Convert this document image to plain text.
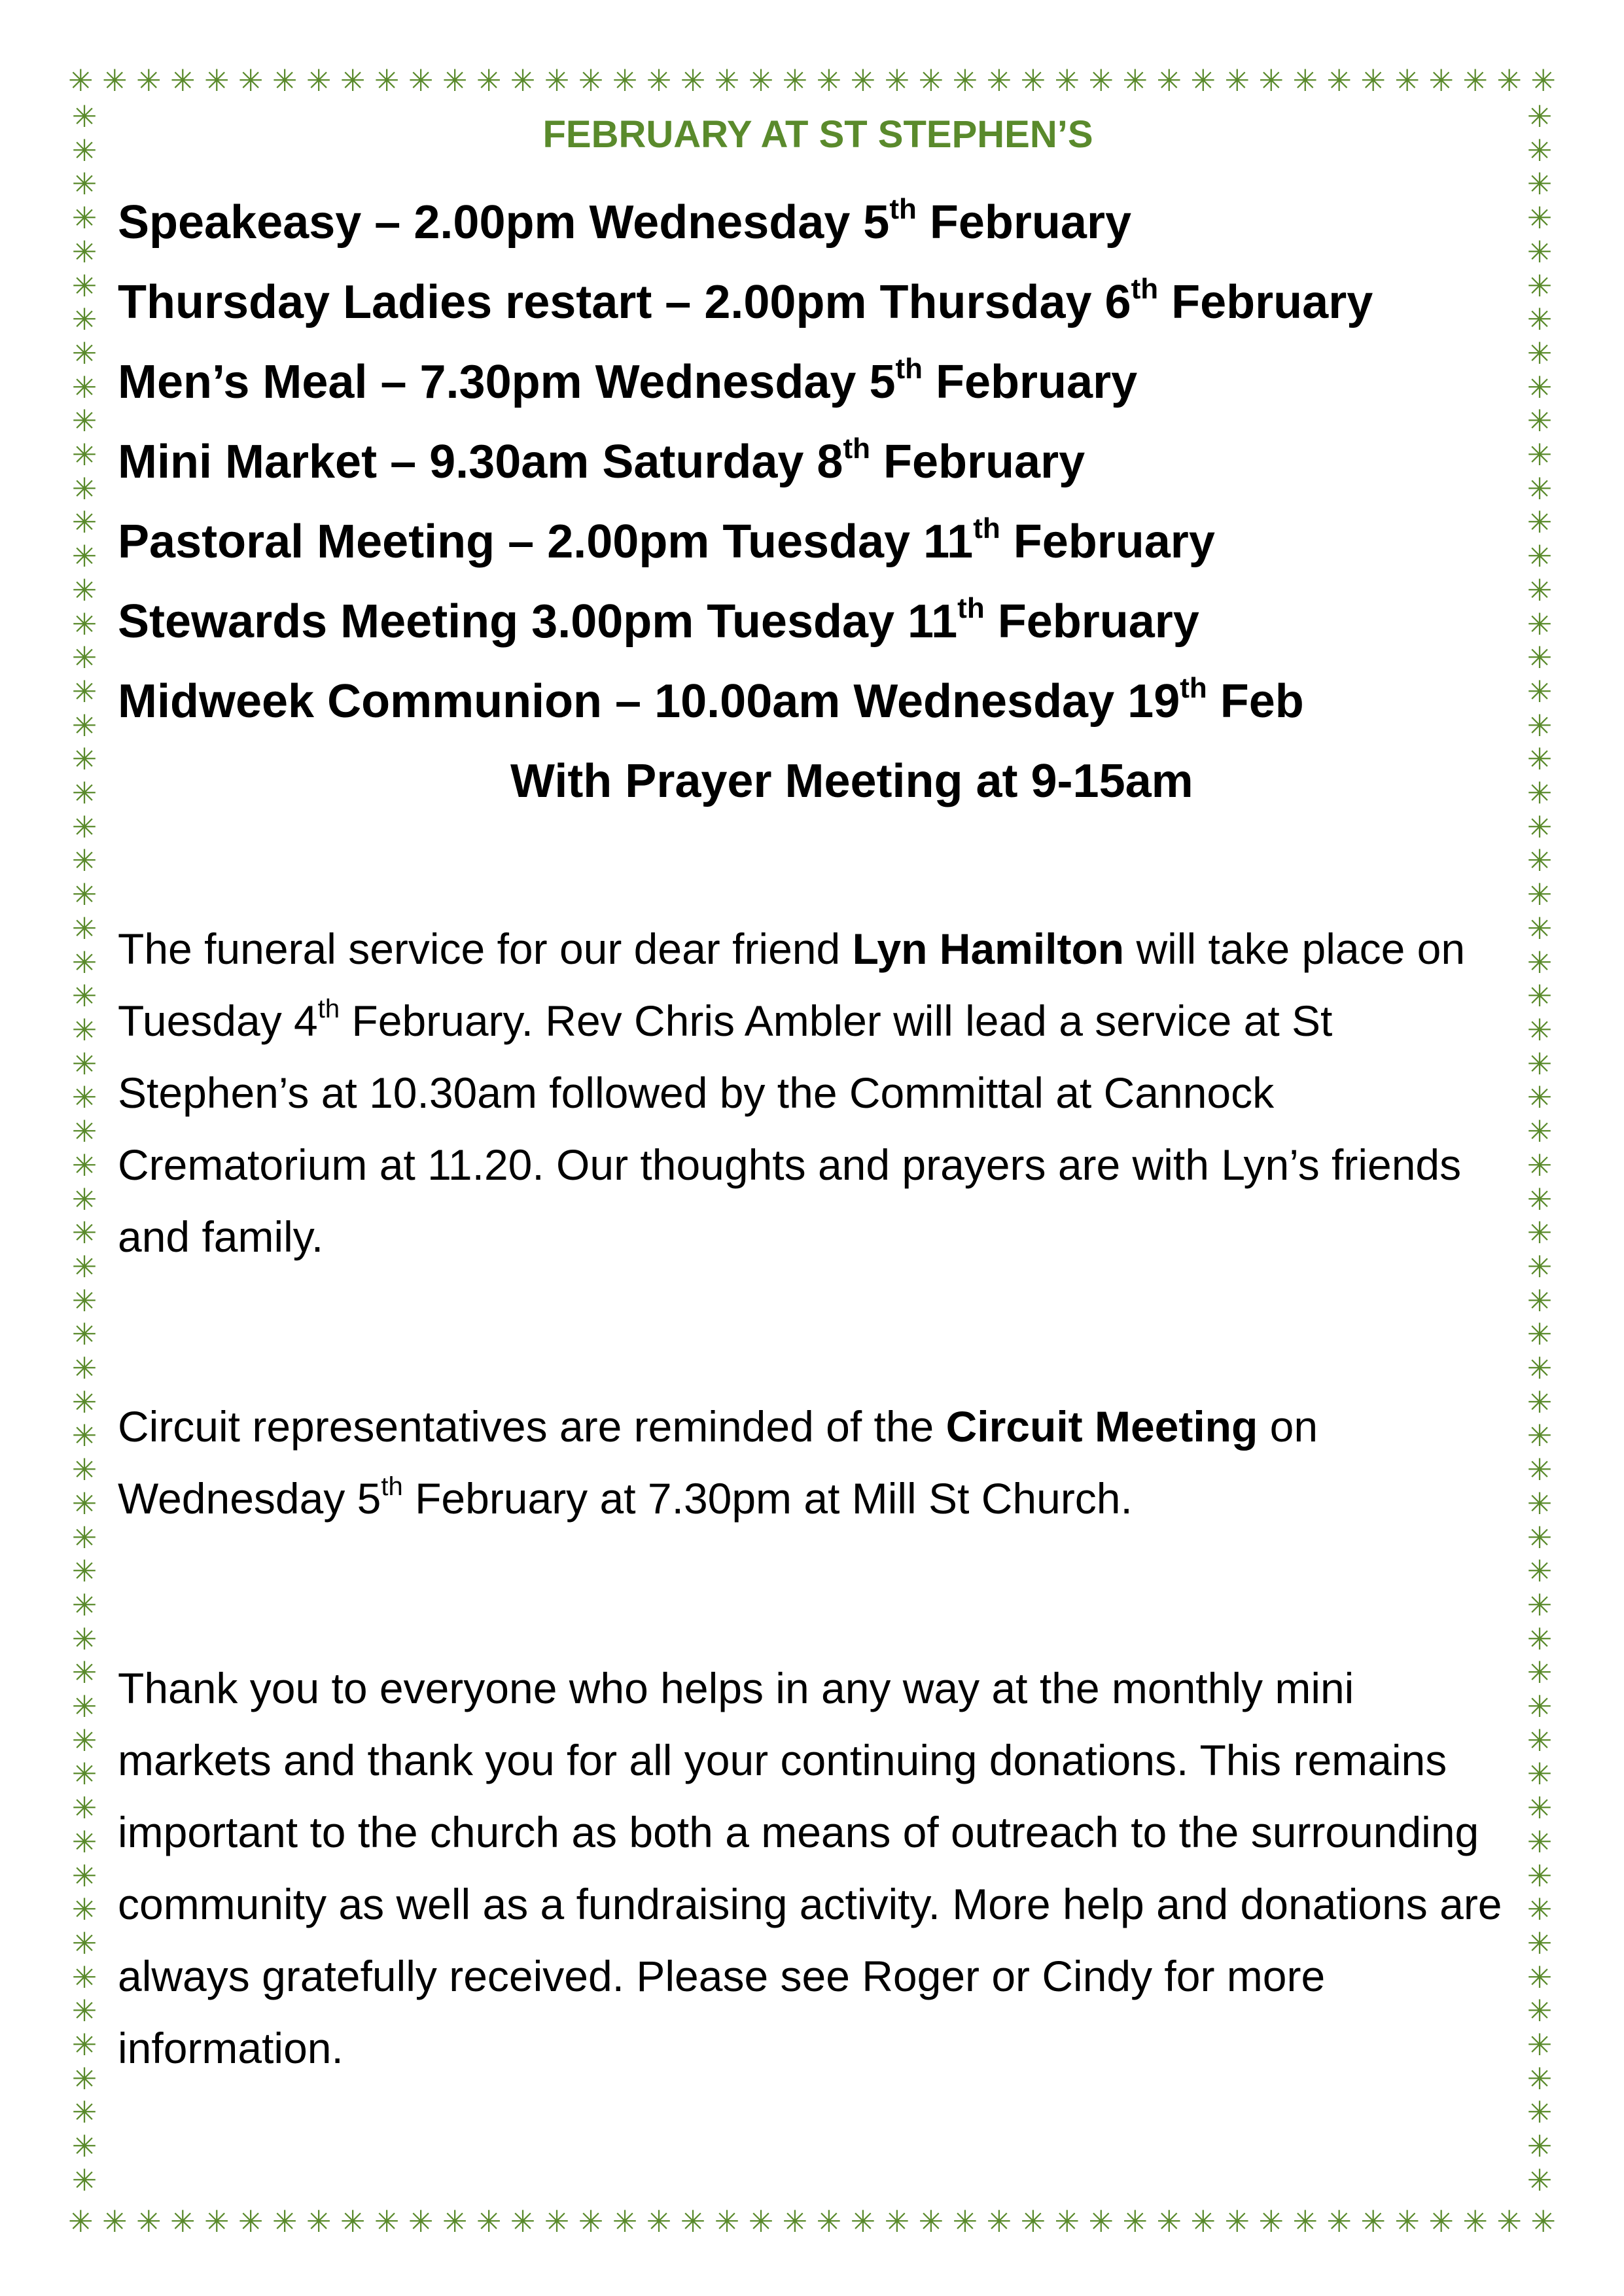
✳ ✳ ✳ ✳ ✳ ✳ ✳ ✳ ✳ ✳ ✳ ✳ ✳ ✳ ✳ ✳ ✳ ✳ ✳ ✳ ✳ ✳ ✳ ✳ ✳ ✳ ✳ ✳ ✳ ✳ ✳ ✳ ✳ ✳ ✳ ✳ ✳ ✳ ✳ ✳ ✳ ✳ ✳ ✳
✳ ✳ ✳ ✳ ✳ ✳ ✳ ✳ ✳ ✳ ✳ ✳ ✳ ✳ ✳ ✳ ✳ ✳ ✳ ✳ ✳ ✳ ✳ ✳ ✳ ✳ ✳ ✳ ✳ ✳ ✳ ✳ ✳ ✳ ✳ ✳ ✳ ✳ ✳ ✳ ✳ ✳ ✳ ✳
✳
✳
✳
✳
✳
✳
✳
✳
✳
✳
✳
✳
✳
✳
✳
✳
✳
✳
✳
✳
✳
✳
✳
✳
✳
✳
✳
✳
✳
✳
✳
✳
✳
✳
✳
✳
✳
✳
✳
✳
✳
✳
✳
✳
✳
✳
✳
✳
✳
✳
✳
✳
✳
✳
✳
✳
✳
✳
✳
✳
✳
✳
✳
✳
✳
✳
✳
✳
✳
✳
✳
✳
✳
✳
✳
✳
✳
✳
✳
✳
✳
✳
✳
✳
✳
✳
✳
✳
✳
✳
✳
✳
✳
✳
✳
✳
✳
✳
✳
✳
✳
✳
✳
✳
✳
✳
✳
✳
✳
✳
✳
✳
✳
✳
✳
✳
✳
✳
✳
✳
✳
✳
✳
✳
FEBRUARY AT ST STEPHEN’S
Speakeasy – 2.00pm Wednesday 5th February
Thursday Ladies restart – 2.00pm Thursday 6th February
Men’s Meal – 7.30pm Wednesday 5th February
Mini Market – 9.30am Saturday 8th February
Pastoral Meeting – 2.00pm Tuesday 11th February
Stewards Meeting 3.00pm Tuesday 11th February
Midweek Communion – 10.00am Wednesday 19th Feb
With Prayer Meeting at 9-15am

The funeral service for our dear friend Lyn Hamilton will take place on Tuesday 4th February. Rev Chris Ambler will lead a service at St Stephen’s at 10.30am followed by the Committal at Cannock Crematorium at 11.20. Our thoughts and prayers are with Lyn’s friends and family.

Circuit representatives are reminded of the Circuit Meeting on Wednesday 5th February at 7.30pm at Mill St Church.

Thank you to everyone who helps in any way at the monthly mini markets and thank you for all your continuing donations. This remains important to the church as both a means of outreach to the surrounding community as well as a fundraising activity. More help and donations are always gratefully received. Please see Roger or Cindy for more information.
